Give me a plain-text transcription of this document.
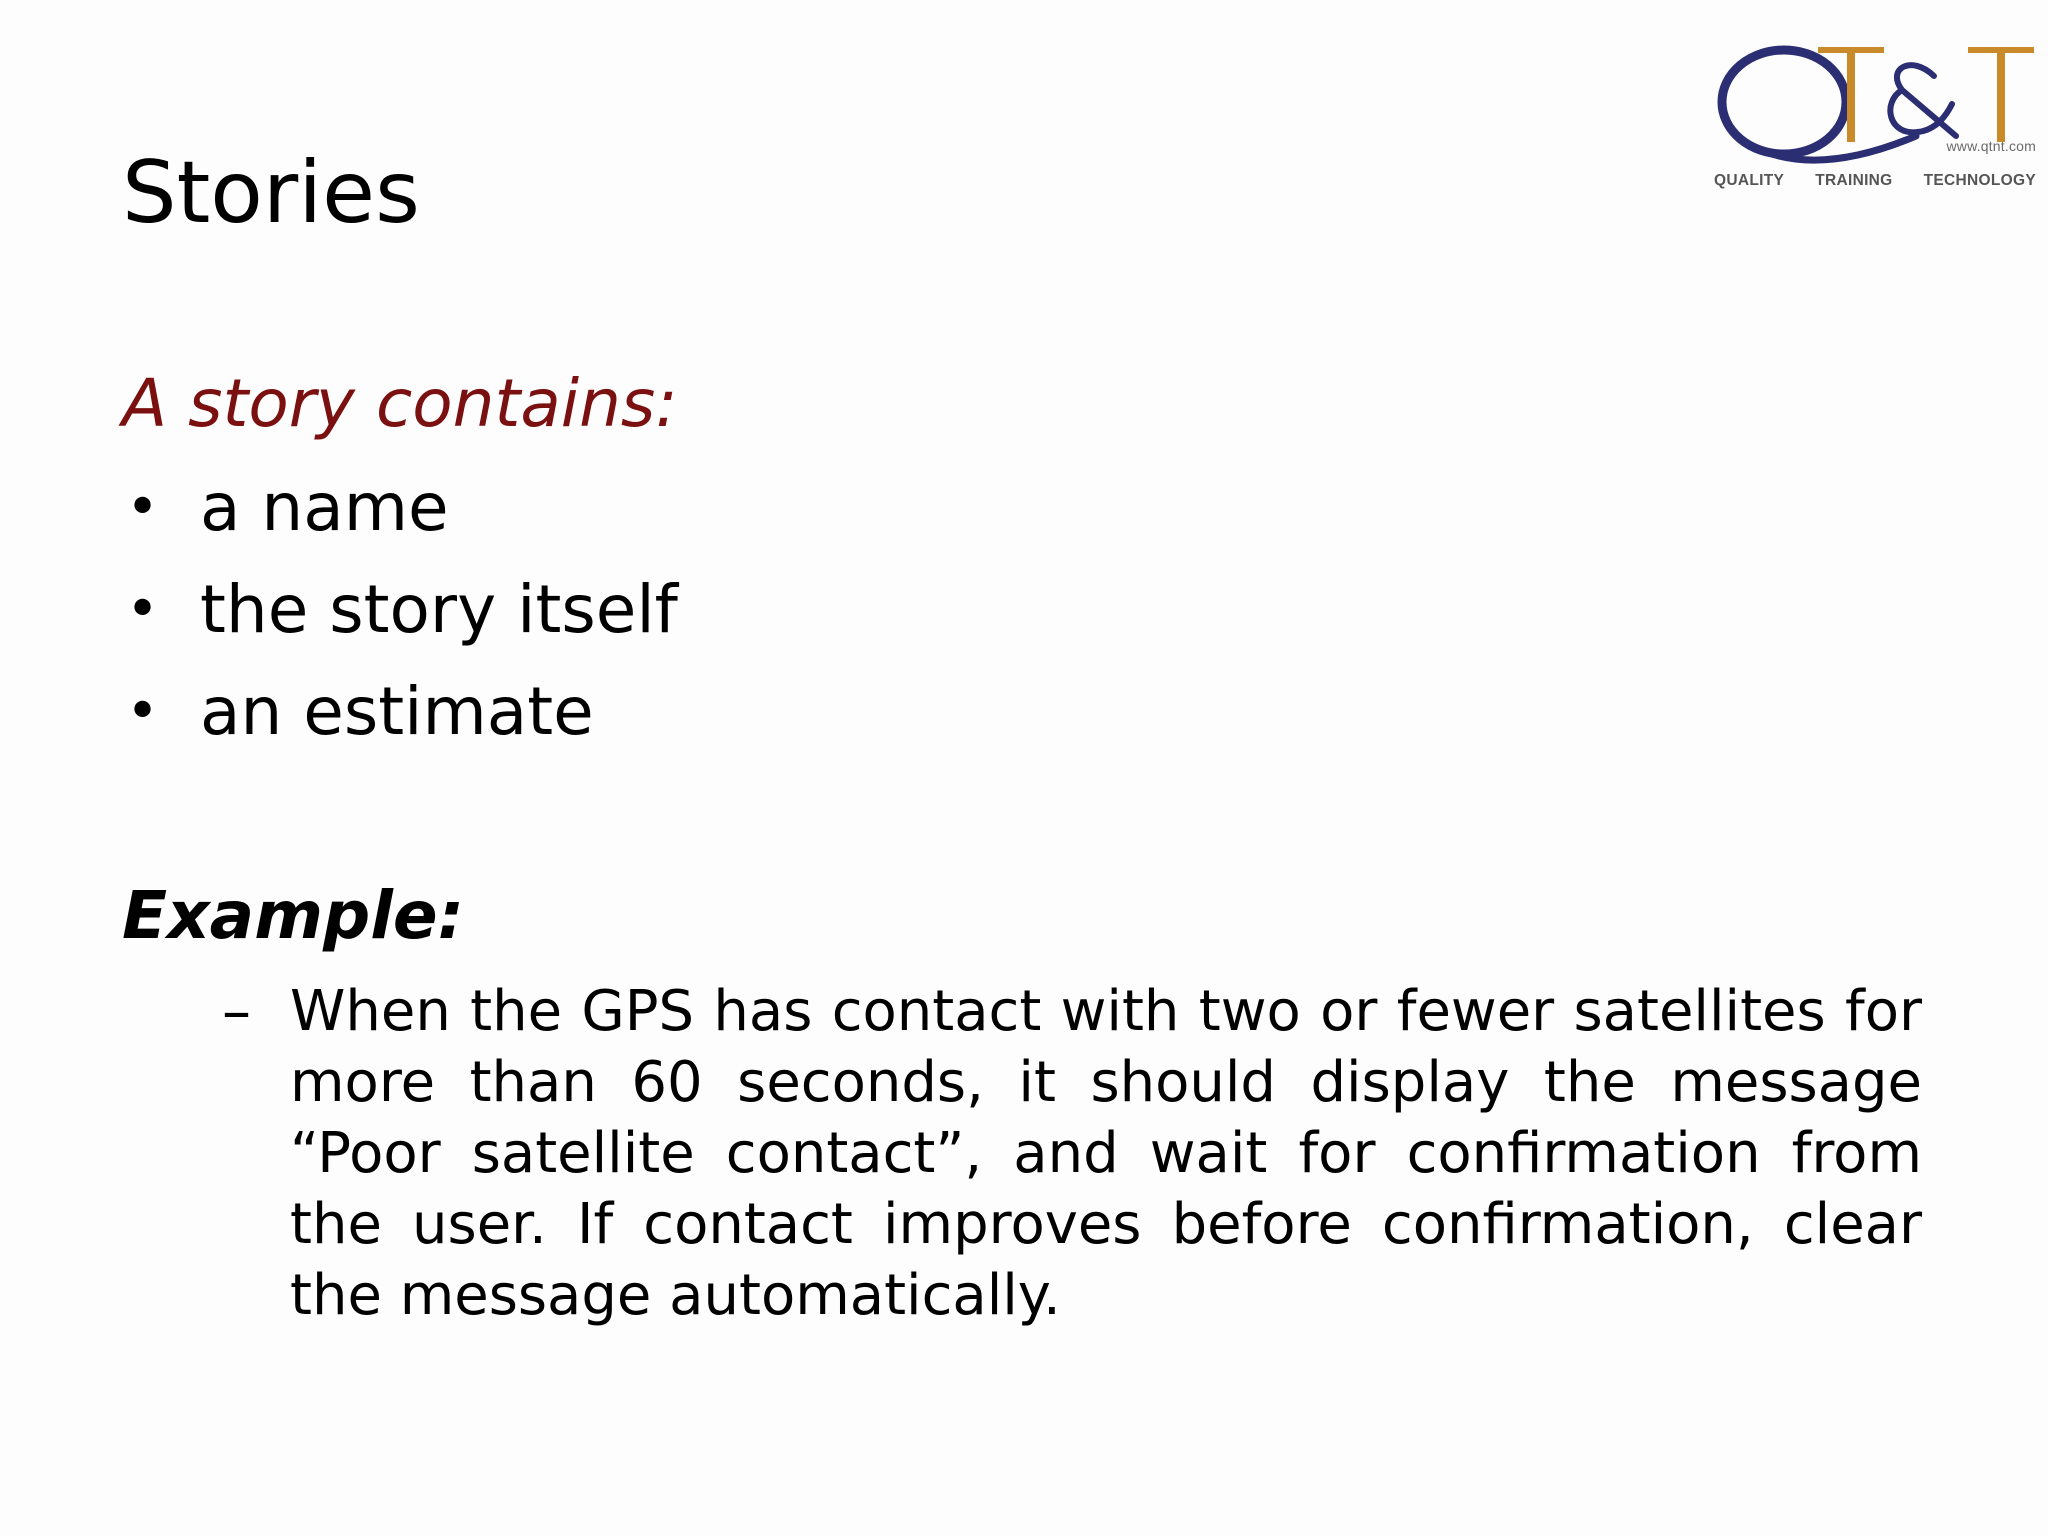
www.qtnt.com
QUALITY TRAINING TECHNOLOGY
Stories
A story contains:
• a name
• the story itself
• an estimate
Example:
– When the GPS has contact with two or fewer satellites for more than 60 seconds, it should display the message “Poor satellite contact”, and wait for confirmation from the user. If contact improves before confirmation, clear the message automatically.
